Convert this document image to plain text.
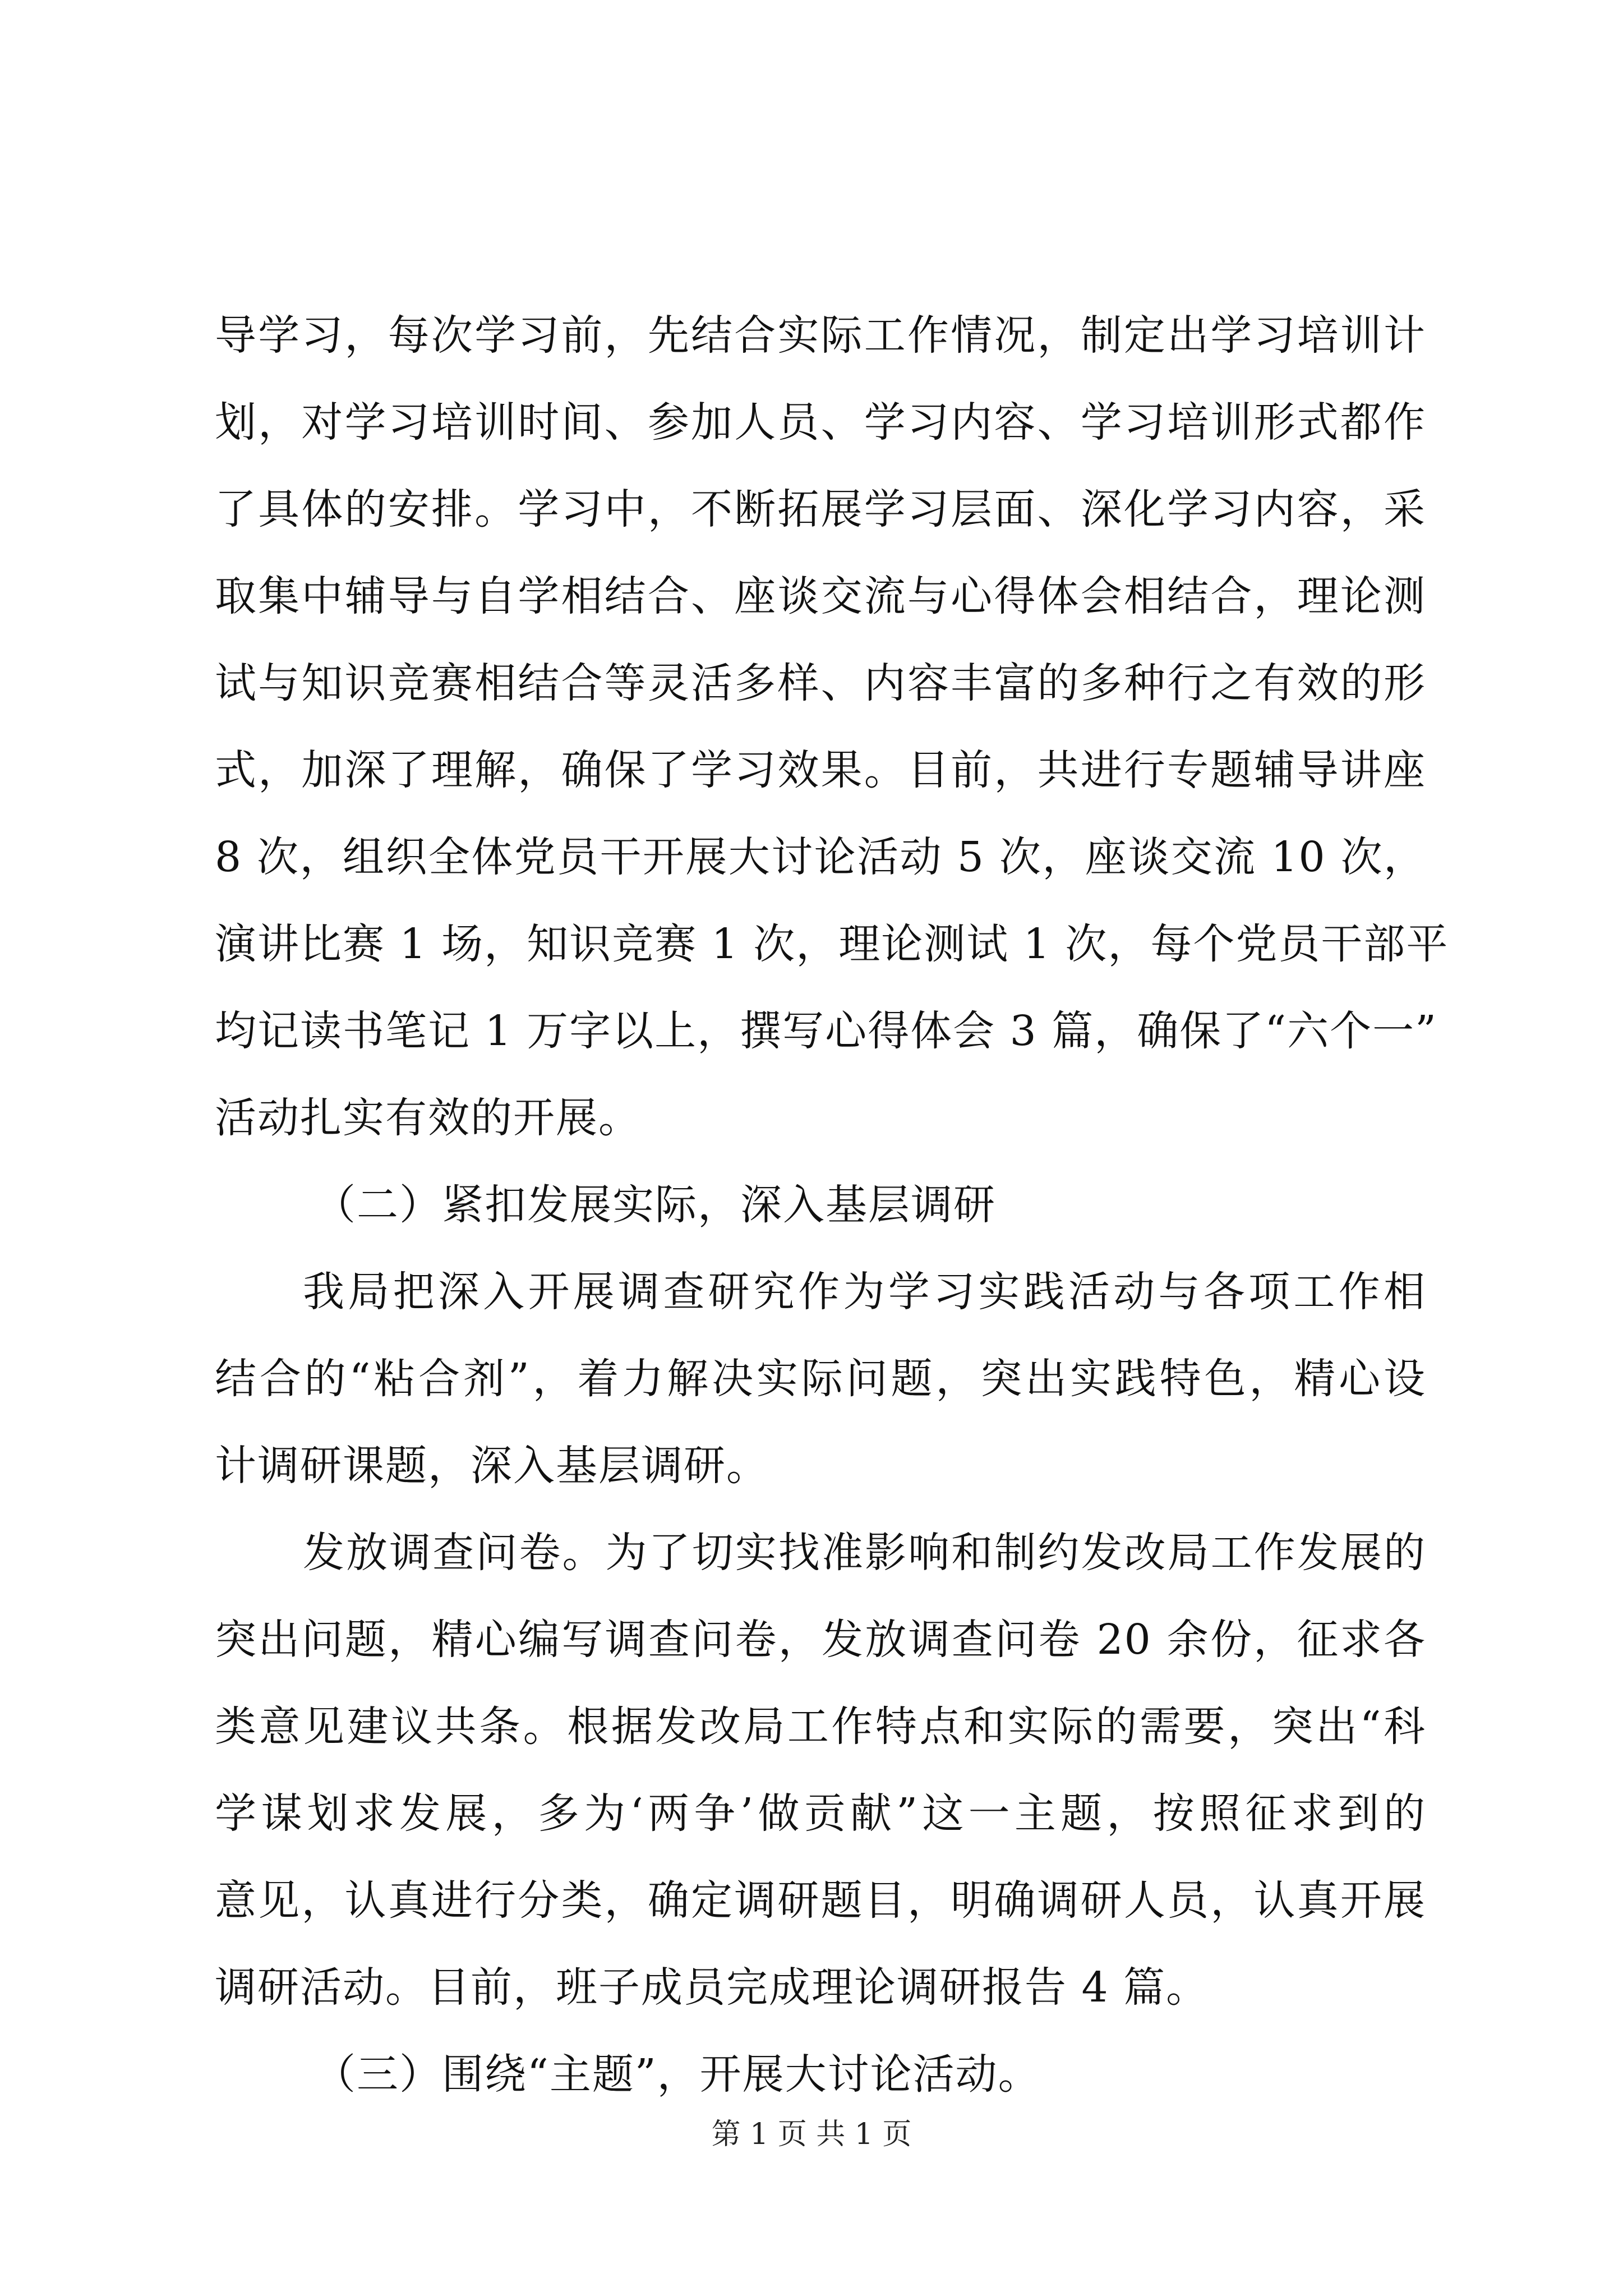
导学习，每次学习前，先结合实际工作情况，制定出学习培训计
划，对学习培训时间、参加人员、学习内容、学习培训形式都作
了具体的安排。学习中，不断拓展学习层面、深化学习内容，采
取集中辅导与自学相结合、座谈交流与心得体会相结合，理论测
试与知识竞赛相结合等灵活多样、内容丰富的多种行之有效的形
式，加深了理解，确保了学习效果。目前，共进行专题辅导讲座
8 次，组织全体党员干开展大讨论活动 5 次，座谈交流 10 次，
演讲比赛 1 场，知识竞赛 1 次，理论测试 1 次，每个党员干部平
均记读书笔记 1 万字以上，撰写心得体会 3 篇，确保了“六个一”
活动扎实有效的开展。
（二）紧扣发展实际，深入基层调研
我局把深入开展调查研究作为学习实践活动与各项工作相
结合的“粘合剂”，着力解决实际问题，突出实践特色，精心设
计调研课题，深入基层调研。
发放调查问卷。为了切实找准影响和制约发改局工作发展的
突出问题，精心编写调查问卷，发放调查问卷 20 余份，征求各
类意见建议共条。根据发改局工作特点和实际的需要，突出“科
学谋划求发展，多为‘两争’做贡献”这一主题，按照征求到的
意见，认真进行分类，确定调研题目，明确调研人员，认真开展
调研活动。目前，班子成员完成理论调研报告 4 篇。
（三）围绕“主题”，开展大讨论活动。
第 1 页 共 1 页
